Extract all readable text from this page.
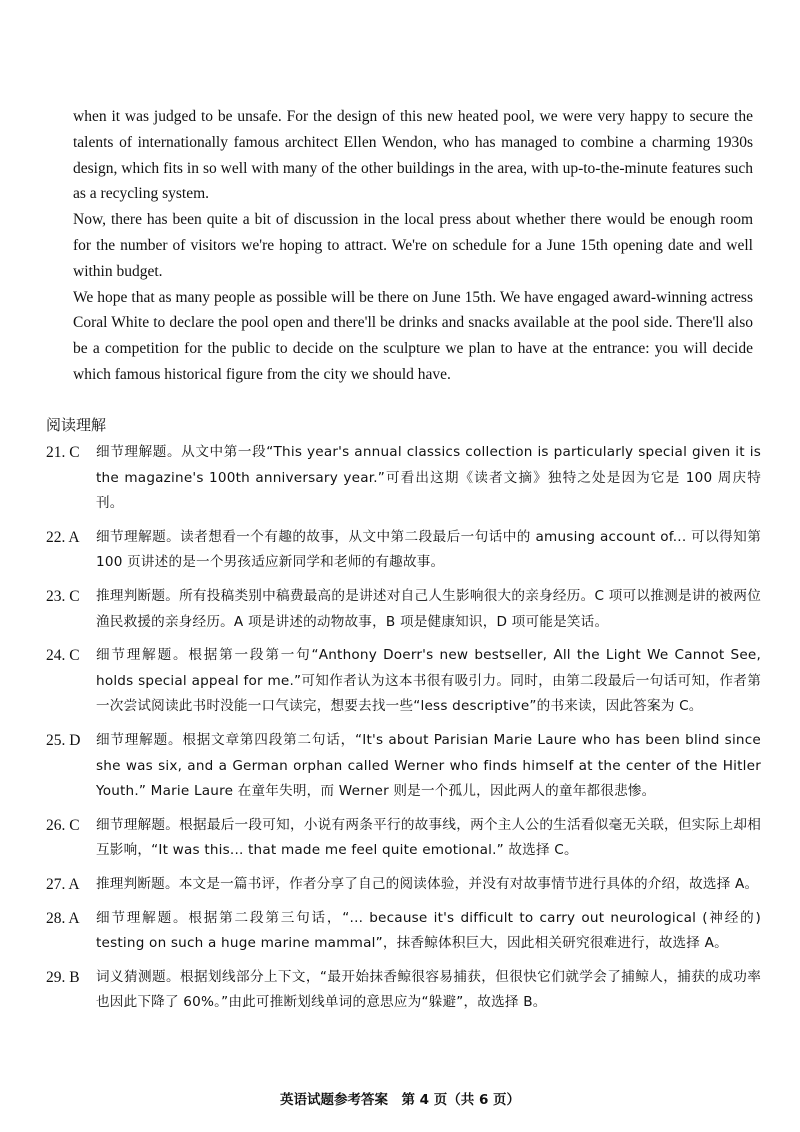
when it was judged to be unsafe. For the design of this new heated pool, we were very happy to secure the talents of internationally famous architect Ellen Wendon, who has managed to combine a charming 1930s design, which fits in so well with many of the other buildings in the area, with up-to-the-minute features such as a recycling system.

Now, there has been quite a bit of discussion in the local press about whether there would be enough room for the number of visitors we're hoping to attract. We're on schedule for a June 15th opening date and well within budget.

We hope that as many people as possible will be there on June 15th. We have engaged award-winning actress Coral White to declare the pool open and there'll be drinks and snacks available at the pool side. There'll also be a competition for the public to decide on the sculpture we plan to have at the entrance: you will decide which famous historical figure from the city we should have.

阅读理解
21. C	细节理解题。从文中第一段“This year's annual classics collection is particularly special given it is the magazine's 100th anniversary year.”可看出这期《读者文摘》独特之处是因为它是 100 周庆特刊。
22. A	细节理解题。读者想看一个有趣的故事，从文中第二段最后一句话中的 amusing account of... 可以得知第 100 页讲述的是一个男孩适应新同学和老师的有趣故事。
23. C	推理判断题。所有投稿类别中稿费最高的是讲述对自己人生影响很大的亲身经历。C 项可以推测是讲的被两位渔民救援的亲身经历。A 项是讲述的动物故事，B 项是健康知识，D 项可能是笑话。
24. C	细节理解题。根据第一段第一句“Anthony Doerr's new bestseller, All the Light We Cannot See, holds special appeal for me.”可知作者认为这本书很有吸引力。同时，由第二段最后一句话可知，作者第一次尝试阅读此书时没能一口气读完，想要去找一些“less descriptive”的书来读，因此答案为 C。
25. D	细节理解题。根据文章第四段第二句话，“It's about Parisian Marie Laure who has been blind since she was six, and a German orphan called Werner who finds himself at the center of the Hitler Youth.” Marie Laure 在童年失明，而 Werner 则是一个孤儿，因此两人的童年都很悲惨。
26. C	细节理解题。根据最后一段可知，小说有两条平行的故事线，两个主人公的生活看似毫无关联，但实际上却相互影响，“It was this... that made me feel quite emotional.” 故选择 C。
27. A	推理判断题。本文是一篇书评，作者分享了自己的阅读体验，并没有对故事情节进行具体的介绍，故选择 A。
28. A	细节理解题。根据第二段第三句话，“... because it's difficult to carry out neurological (神经的) testing on such a huge marine mammal”，抹香鲸体积巨大，因此相关研究很难进行，故选择 A。
29. B	词义猜测题。根据划线部分上下文，“最开始抹香鲸很容易捕获，但很快它们就学会了捕鲸人，捕获的成功率也因此下降了 60%。”由此可推断划线单词的意思应为“躲避”，故选择 B。
英语试题参考答案　第 4 页（共 6 页）
